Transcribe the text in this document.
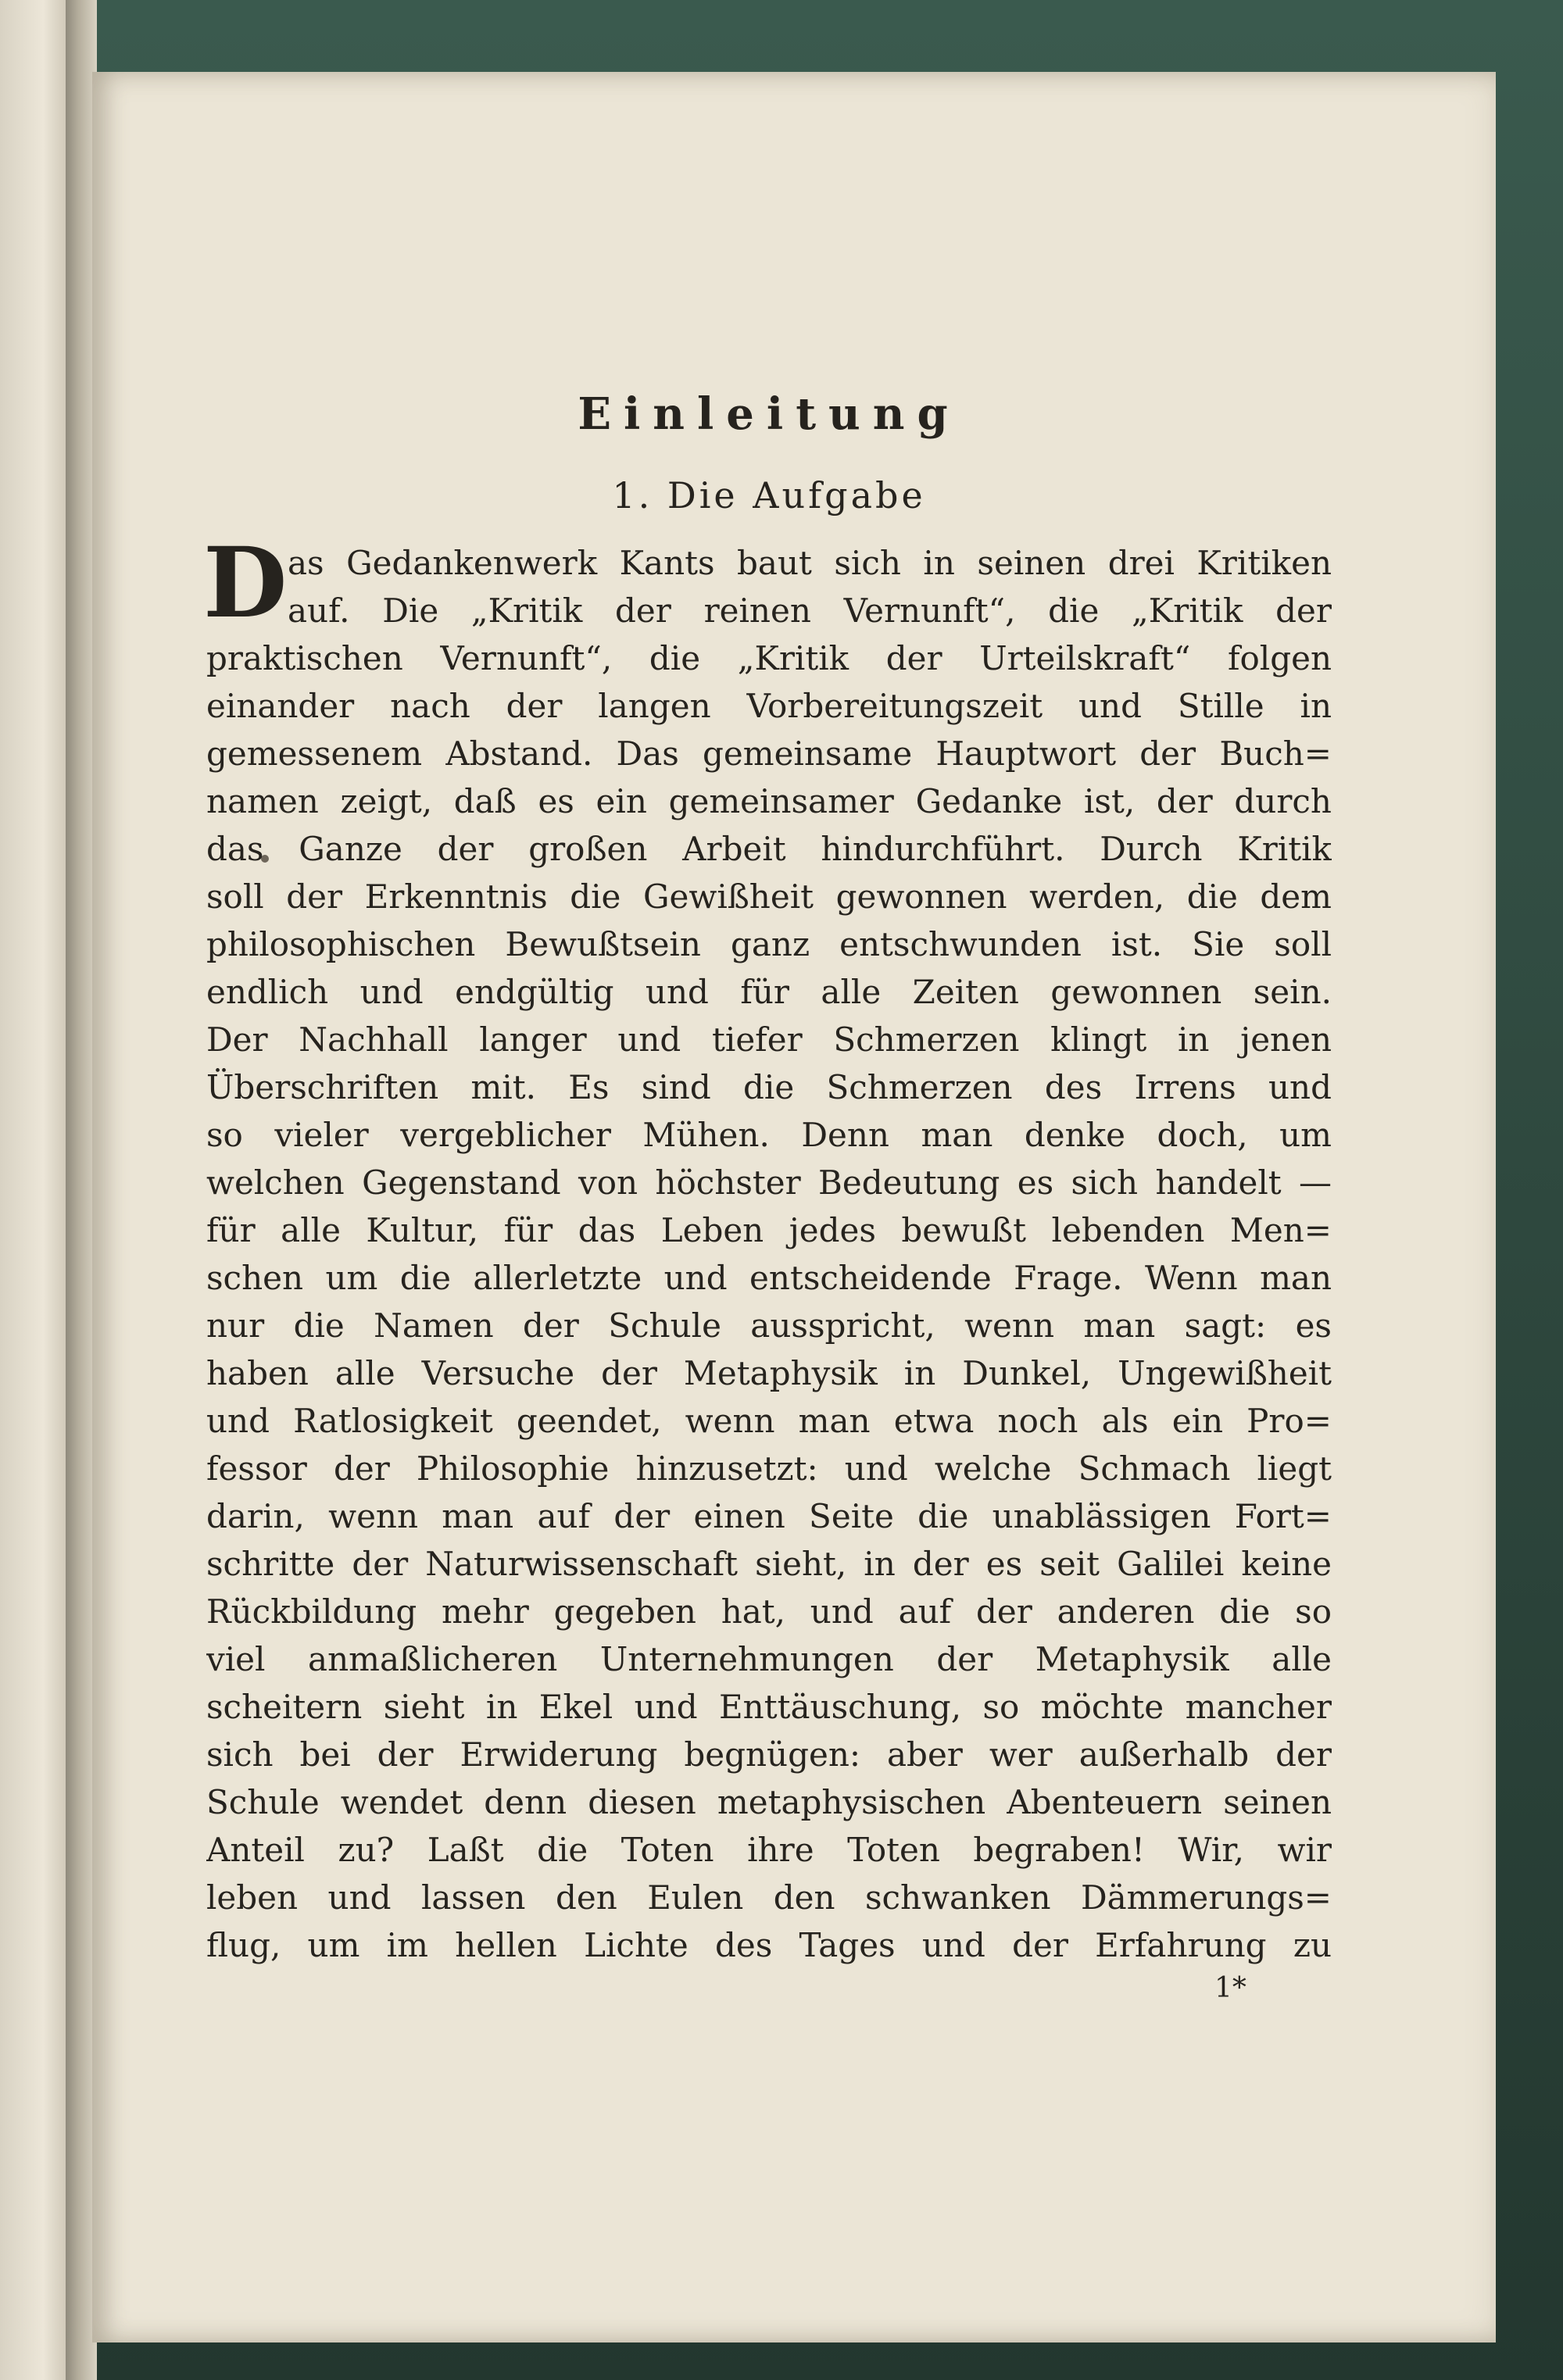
Einleitung
1. Die Aufgabe
D as Gedankenwerk Kants baut sich in seinen drei Kritiken
auf. Die „Kritik der reinen Vernunft“, die „Kritik der
praktischen Vernunft“, die „Kritik der Urteilskraft“ folgen
einander nach der langen Vorbereitungszeit und Stille in
gemessenem Abstand. Das gemeinsame Hauptwort der Buch=
namen zeigt, daß es ein gemeinsamer Gedanke ist, der durch
das Ganze der großen Arbeit hindurchführt. Durch Kritik
soll der Erkenntnis die Gewißheit gewonnen werden, die dem
philosophischen Bewußtsein ganz entschwunden ist. Sie soll
endlich und endgültig und für alle Zeiten gewonnen sein.
Der Nachhall langer und tiefer Schmerzen klingt in jenen
Überschriften mit. Es sind die Schmerzen des Irrens und
so vieler vergeblicher Mühen. Denn man denke doch, um
welchen Gegenstand von höchster Bedeutung es sich handelt —
für alle Kultur, für das Leben jedes bewußt lebenden Men=
schen um die allerletzte und entscheidende Frage. Wenn man
nur die Namen der Schule ausspricht, wenn man sagt: es
haben alle Versuche der Metaphysik in Dunkel, Ungewißheit
und Ratlosigkeit geendet, wenn man etwa noch als ein Pro=
fessor der Philosophie hinzusetzt: und welche Schmach liegt
darin, wenn man auf der einen Seite die unablässigen Fort=
schritte der Naturwissenschaft sieht, in der es seit Galilei keine
Rückbildung mehr gegeben hat, und auf der anderen die so
viel anmaßlicheren Unternehmungen der Metaphysik alle
scheitern sieht in Ekel und Enttäuschung, so möchte mancher
sich bei der Erwiderung begnügen: aber wer außerhalb der
Schule wendet denn diesen metaphysischen Abenteuern seinen
Anteil zu? Laßt die Toten ihre Toten begraben! Wir, wir
leben und lassen den Eulen den schwanken Dämmerungs=
flug, um im hellen Lichte des Tages und der Erfahrung zu
1*
